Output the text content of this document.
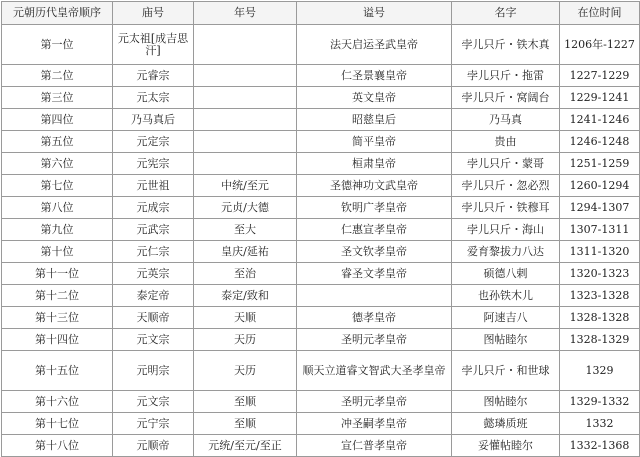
元朝历代皇帝顺序	庙号	年号	谥号	名字	在位时间
第一位	元太祖[成吉思汗]		法天启运圣武皇帝	孛儿只斤・铁木真	1206年-1227
第二位	元睿宗		仁圣景襄皇帝	孛儿只斤・拖雷	1227-1229
第三位	元太宗		英文皇帝	孛儿只斤・窝阔台	1229-1241
第四位	乃马真后		昭慈皇后	乃马真	1241-1246
第五位	元定宗		简平皇帝	贵由	1246-1248
第六位	元宪宗		桓肃皇帝	孛儿只斤・蒙哥	1251-1259
第七位	元世祖	中统/至元	圣德神功文武皇帝	孛儿只斤・忽必烈	1260-1294
第八位	元成宗	元贞/大德	钦明广孝皇帝	孛儿只斤・铁穆耳	1294-1307
第九位	元武宗	至大	仁惠宣孝皇帝	孛儿只斤・海山	1307-1311
第十位	元仁宗	皇庆/延祐	圣文钦孝皇帝	爱育黎拔力八达	1311-1320
第十一位	元英宗	至治	睿圣文孝皇帝	硕德八剌	1320-1323
第十二位	泰定帝	泰定/致和		也孙铁木儿	1323-1328
第十三位	天顺帝	天顺	德孝皇帝	阿速吉八	1328-1328
第十四位	元文宗	天历	圣明元孝皇帝	图帖睦尔	1328-1329
第十五位	元明宗	天历	顺天立道睿文智武大圣孝皇帝	孛儿只斤・和世球	1329
第十六位	元文宗	至顺	圣明元孝皇帝	图帖睦尔	1329-1332
第十七位	元宁宗	至顺	冲圣嗣孝皇帝	懿璘质班	1332
第十八位	元顺帝	元统/至元/至正	宣仁普孝皇帝	妥懽帖睦尔	1332-1368
